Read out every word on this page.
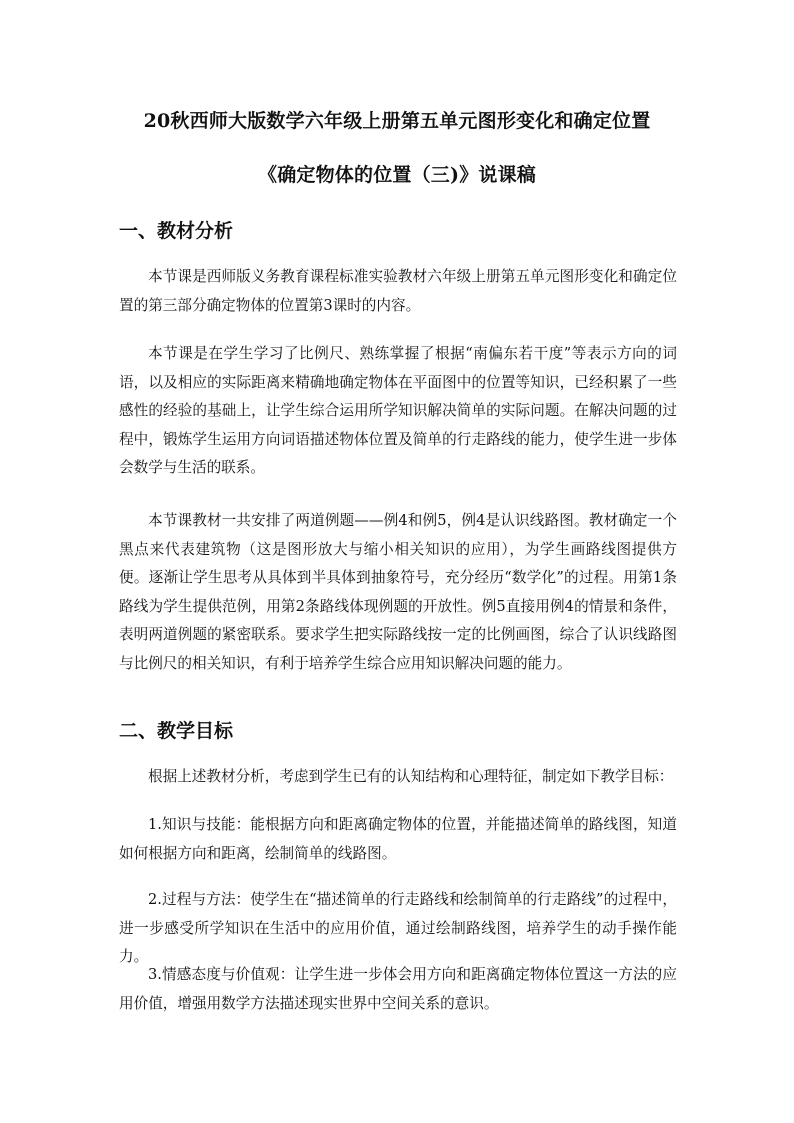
20秋西师大版数学六年级上册第五单元图形变化和确定位置
《确定物体的位置（三)》说课稿
一、教材分析

本节课是西师版义务教育课程标准实验教材六年级上册第五单元图形变化和确定位置的第三部分确定物体的位置第3课时的内容。

本节课是在学生学习了比例尺、熟练掌握了根据“南偏东若干度”等表示方向的词语，以及相应的实际距离来精确地确定物体在平面图中的位置等知识，已经积累了一些感性的经验的基础上，让学生综合运用所学知识解决简单的实际问题。在解决问题的过程中，锻炼学生运用方向词语描述物体位置及简单的行走路线的能力，使学生进一步体会数学与生活的联系。

本节课教材一共安排了两道例题——例4和例5，例4是认识线路图。教材确定一个黑点来代表建筑物（这是图形放大与缩小相关知识的应用），为学生画路线图提供方便。逐渐让学生思考从具体到半具体到抽象符号，充分经历“数学化”的过程。用第1条路线为学生提供范例，用第2条路线体现例题的开放性。例5直接用例4的情景和条件，表明两道例题的紧密联系。要求学生把实际路线按一定的比例画图，综合了认识线路图与比例尺的相关知识，有利于培养学生综合应用知识解决问题的能力。

二、教学目标

根据上述教材分析，考虑到学生已有的认知结构和心理特征，制定如下教学目标：

1.知识与技能：能根据方向和距离确定物体的位置，并能描述简单的路线图，知道如何根据方向和距离，绘制简单的线路图。

2.过程与方法：使学生在“描述简单的行走路线和绘制简单的行走路线”的过程中，进一步感受所学知识在生活中的应用价值，通过绘制路线图，培养学生的动手操作能力。

3.情感态度与价值观：让学生进一步体会用方向和距离确定物体位置这一方法的应用价值，增强用数学方法描述现实世界中空间关系的意识。
